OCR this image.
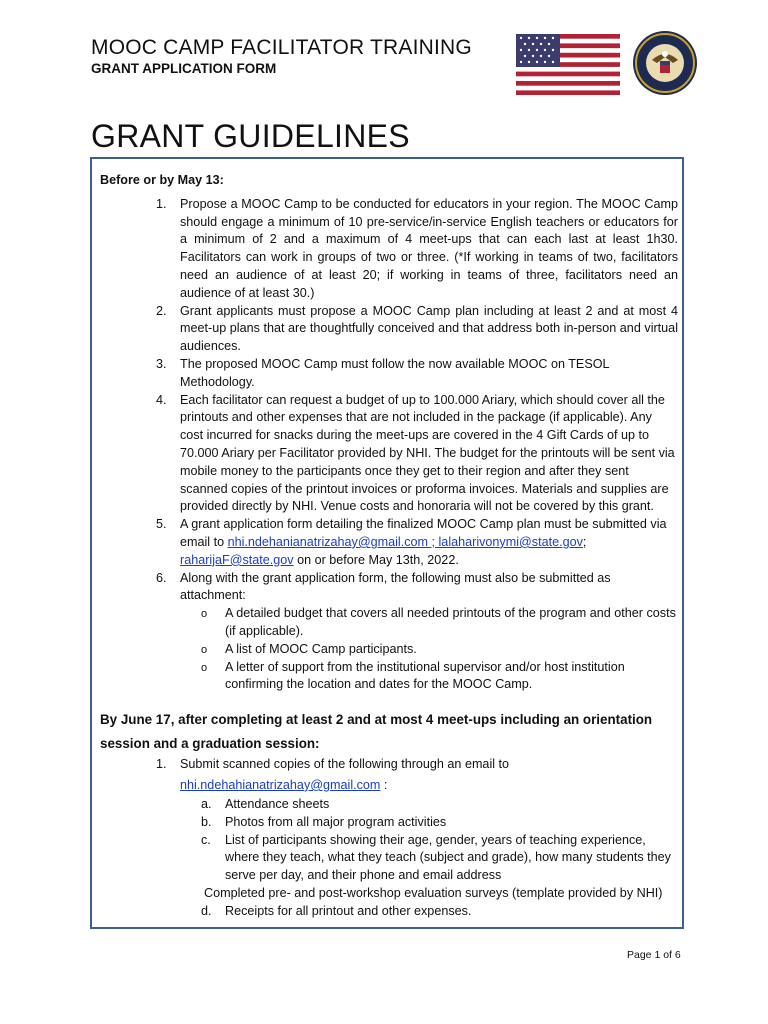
MOOC CAMP FACILITATOR TRAINING
GRANT APPLICATION FORM
GRANT GUIDELINES
Before or by May 13:
1. Propose a MOOC Camp to be conducted for educators in your region. The MOOC Camp should engage a minimum of 10 pre-service/in-service English teachers or educators for a minimum of 2 and a maximum of 4 meet-ups that can each last at least 1h30. Facilitators can work in groups of two or three. (*If working in teams of two, facilitators need an audience of at least 20; if working in teams of three, facilitators need an audience of at least 30.)
2. Grant applicants must propose a MOOC Camp plan including at least 2 and at most 4 meet-up plans that are thoughtfully conceived and that address both in-person and virtual audiences.
3. The proposed MOOC Camp must follow the now available MOOC on TESOL Methodology.
4. Each facilitator can request a budget of up to 100.000 Ariary, which should cover all the printouts and other expenses that are not included in the package (if applicable). Any cost incurred for snacks during the meet-ups are covered in the 4 Gift Cards of up to 70.000 Ariary per Facilitator provided by NHI. The budget for the printouts will be sent via mobile money to the participants once they get to their region and after they sent scanned copies of the printout invoices or proforma invoices. Materials and supplies are provided directly by NHI. Venue costs and honoraria will not be covered by this grant.
5. A grant application form detailing the finalized MOOC Camp plan must be submitted via email to nhi.ndehanianatrizahay@gmail.com ; lalaharivonymi@state.gov;
raharijaF@state.gov on or before May 13th, 2022.
6. Along with the grant application form, the following must also be submitted as attachment:
o A detailed budget that covers all needed printouts of the program and other costs (if applicable).
o A list of MOOC Camp participants.
o A letter of support from the institutional supervisor and/or host institution confirming the location and dates for the MOOC Camp.
By June 17, after completing at least 2 and at most 4 meet-ups including an orientation session and a graduation session:
1. Submit scanned copies of the following through an email to
nhi.ndehahianatrizahay@gmail.com :
a. Attendance sheets
b. Photos from all major program activities
c. List of participants showing their age, gender, years of teaching experience, where they teach, what they teach (subject and grade), how many students they serve per day, and their phone and email address
Completed pre- and post-workshop evaluation surveys (template provided by NHI)
d. Receipts for all printout and other expenses.
Page 1 of 6
